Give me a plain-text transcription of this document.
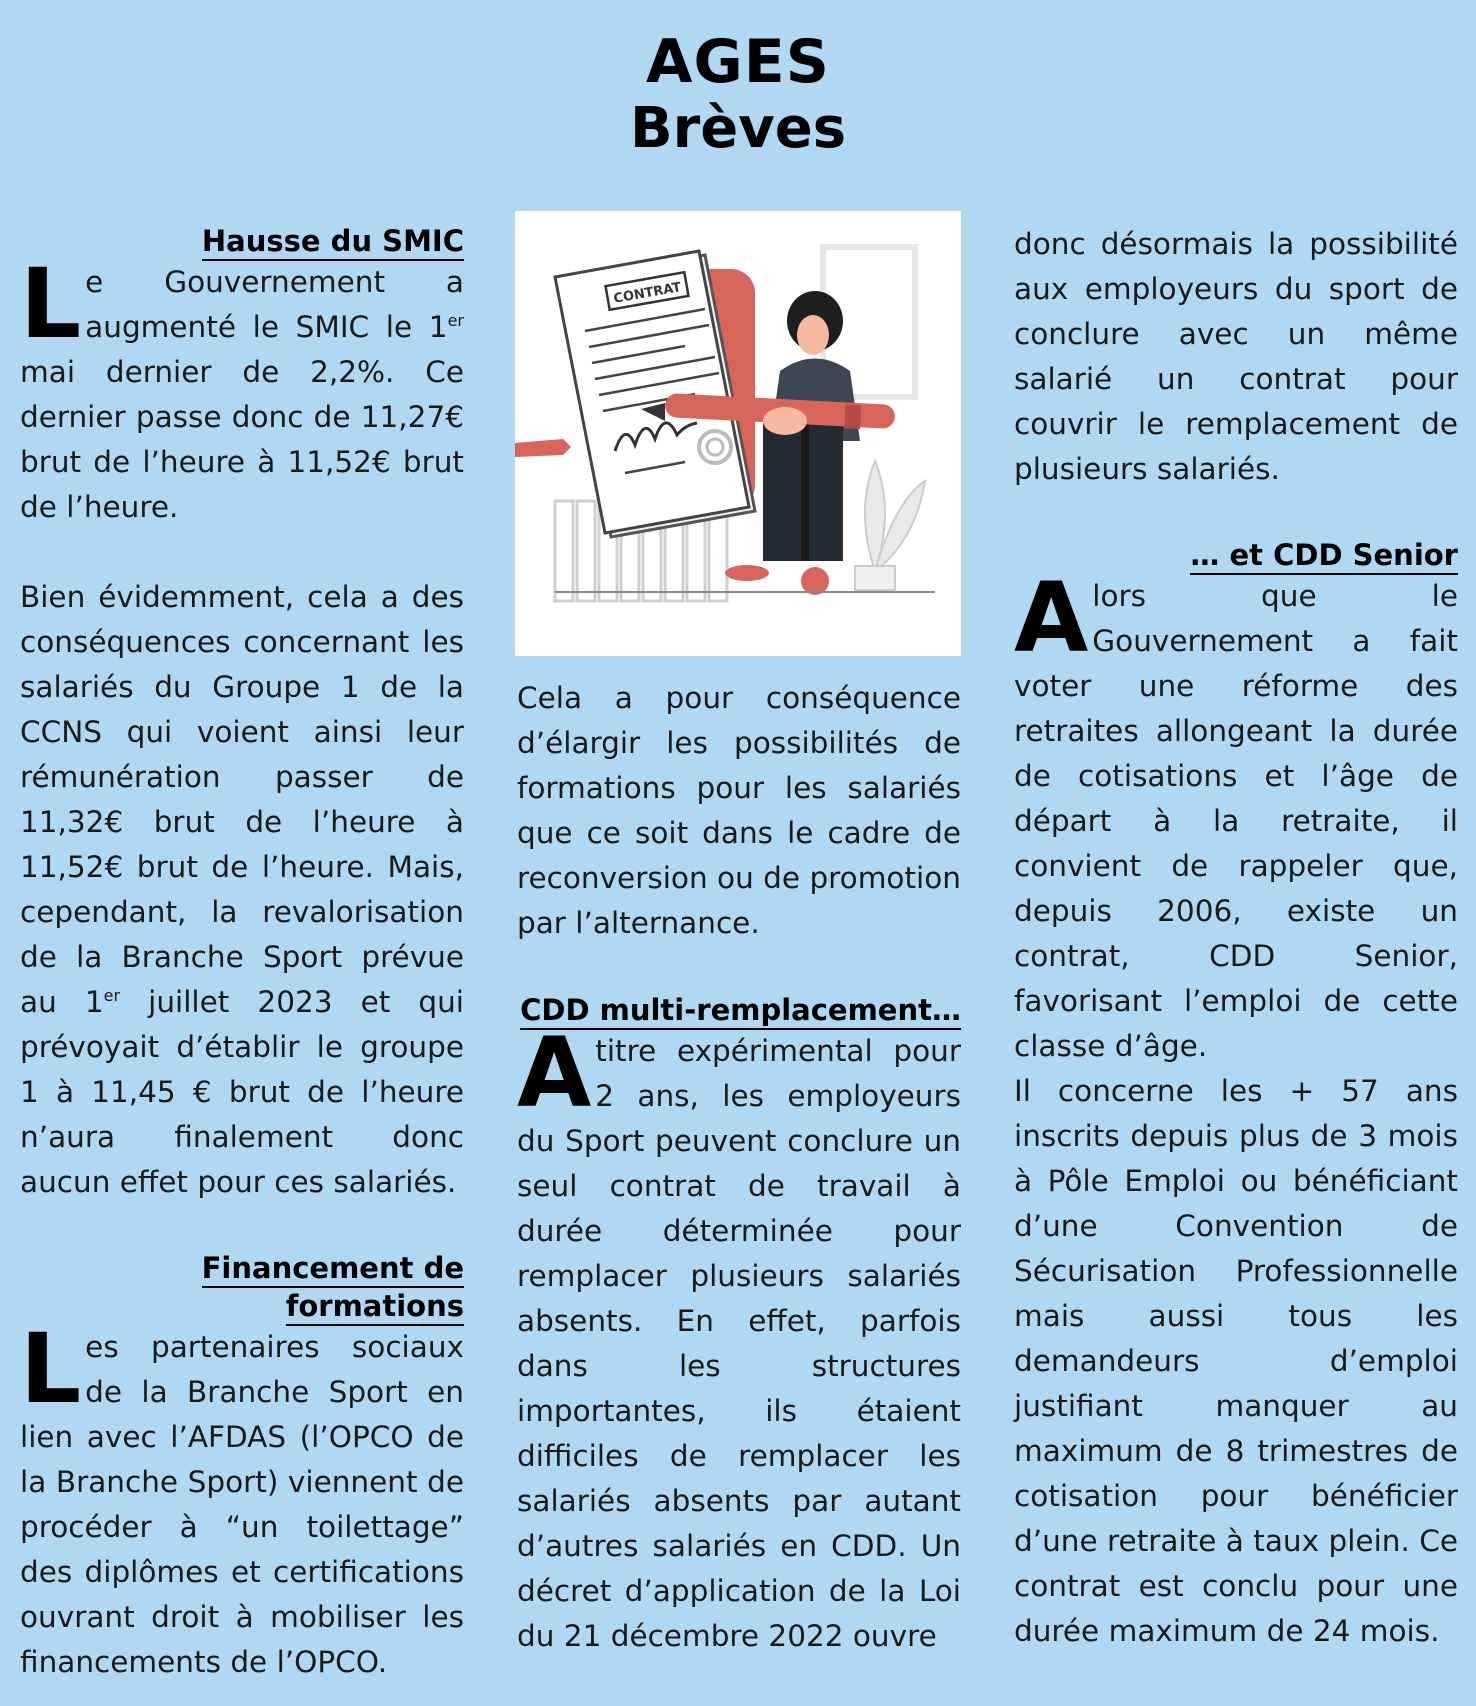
AGES
Brèves
Hausse du SMIC
L e Gouvernement a augmenté le SMIC le 1er mai dernier de 2,2%. Ce dernier passe donc de 11,27€ brut de l’heure à 11,52€ brut de l’heure.

Bien évidemment, cela a des conséquences concernant les salariés du Groupe 1 de la CCNS qui voient ainsi leur rémunération passer de 11,32€ brut de l’heure à 11,52€ brut de l’heure. Mais, cependant, la revalorisation de la Branche Sport prévue au 1er juillet 2023 et qui prévoyait d’établir le groupe 1 à 11,45 € brut de l’heure n’aura finalement donc aucun effet pour ces salariés.

Financement de formations
L es partenaires sociaux de la Branche Sport en lien avec l’AFDAS (l’OPCO de la Branche Sport) viennent de procéder à “un toilettage” des diplômes et certifications ouvrant droit à mobiliser les financements de l’OPCO.

CONTRAT

Cela a pour conséquence d’élargir les possibilités de formations pour les salariés que ce soit dans le cadre de reconversion ou de promotion par l’alternance.

CDD multi-remplacement…
A titre expérimental pour 2 ans, les employeurs du Sport peuvent conclure un seul contrat de travail à durée déterminée pour remplacer plusieurs salariés absents. En effet, parfois dans les structures importantes, ils étaient difficiles de remplacer les salariés absents par autant d’autres salariés en CDD. Un décret d’application de la Loi du 21 décembre 2022 ouvre

donc désormais la possibilité aux employeurs du sport de conclure avec un même salarié un contrat pour couvrir le remplacement de plusieurs salariés.

… et CDD Senior
A lors que le Gouvernement a fait voter une réforme des retraites allongeant la durée de cotisations et l’âge de départ à la retraite, il convient de rappeler que, depuis 2006, existe un contrat, CDD Senior, favorisant l’emploi de cette classe d’âge.

Il concerne les + 57 ans inscrits depuis plus de 3 mois à Pôle Emploi ou bénéficiant d’une Convention de Sécurisation Professionnelle mais aussi tous les demandeurs d’emploi justifiant manquer au maximum de 8 trimestres de cotisation pour bénéficier d’une retraite à taux plein. Ce contrat est conclu pour une durée maximum de 24 mois.
